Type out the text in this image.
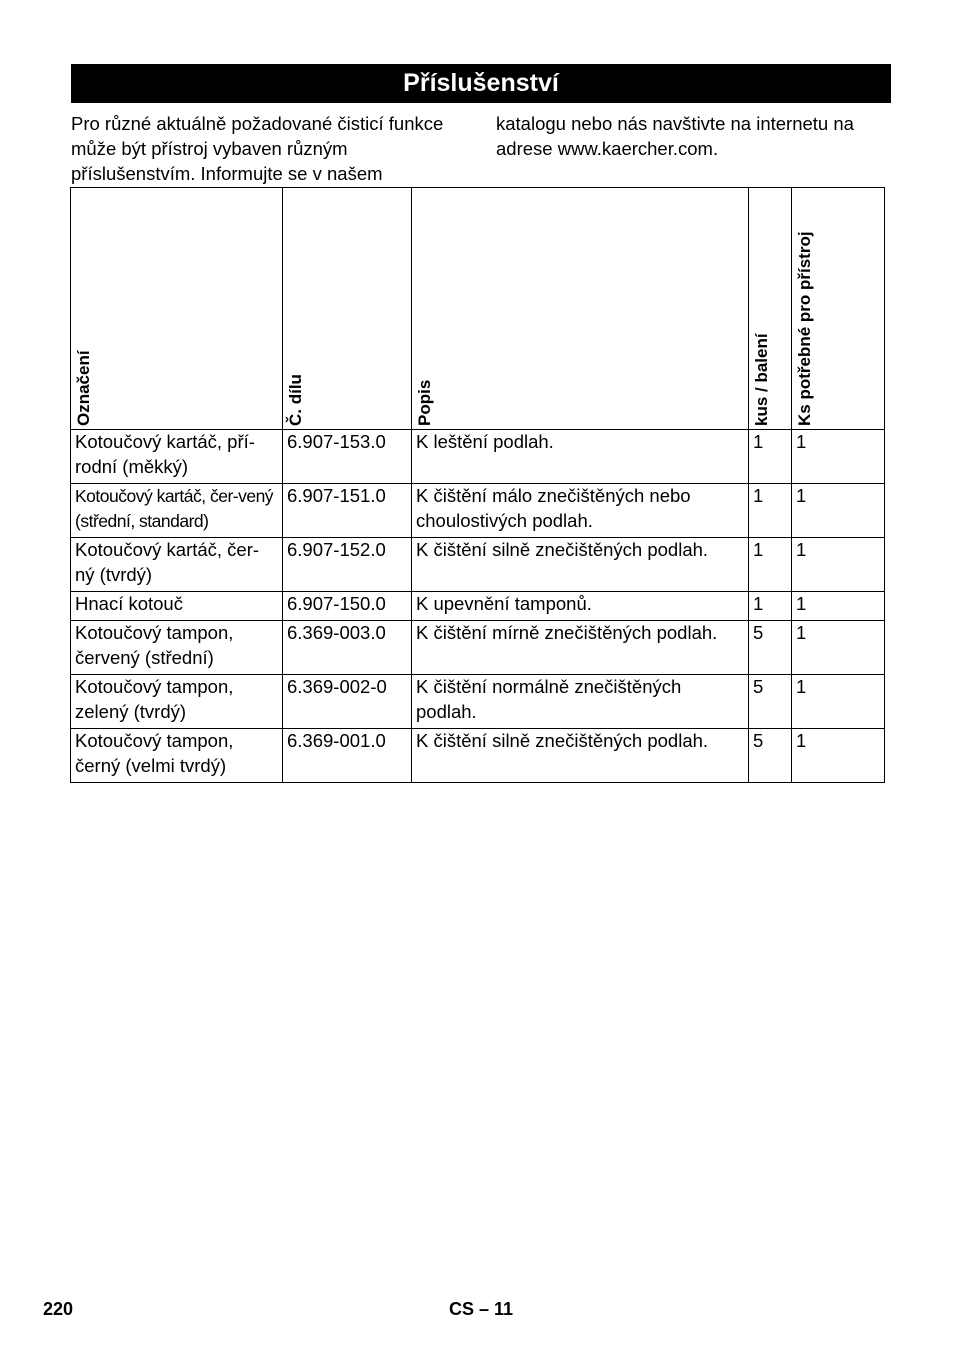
Příslušenství
Pro různé aktuálně požadované čisticí funkce může být přístroj vybaven různým příslušenstvím. Informujte se v našem
katalogu nebo nás navštivte na internetu na adrese www.kaercher.com.
Označení	Č. dílu	Popis	kus / balení	Ks potřebné pro přístroj

Kotoučový kartáč, pří-rodní (měkký)	6.907-153.0	K leštění podlah.	1	1
Kotoučový kartáč, čer-vený (střední, standard)	6.907-151.0	K čištění málo znečištěných nebo choulostivých podlah.	1	1
Kotoučový kartáč, čer-ný (tvrdý)	6.907-152.0	K čištění silně znečištěných podlah.	1	1
Hnací kotouč	6.907-150.0	K upevnění tamponů.	1	1
Kotoučový tampon, červený (střední)	6.369-003.0	K čištění mírně znečištěných podlah.	5	1
Kotoučový tampon, zelený (tvrdý)	6.369-002-0	K čištění normálně znečištěných podlah.	5	1
Kotoučový tampon, černý (velmi tvrdý)	6.369-001.0	K čištění silně znečištěných podlah.	5	1
220	CS – 11
